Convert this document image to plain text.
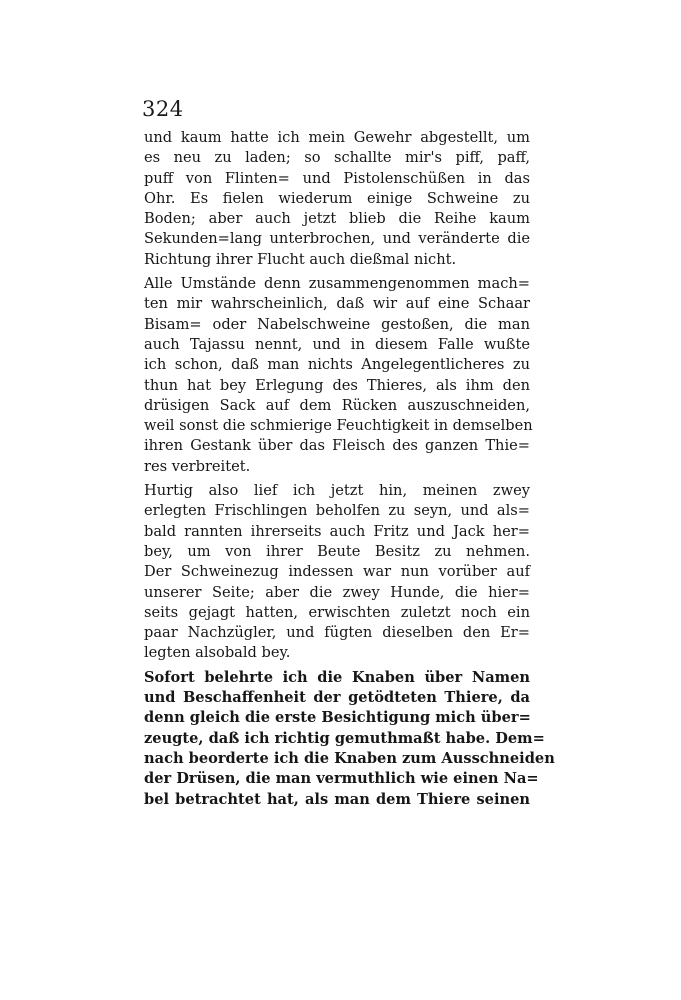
324
und kaum hatte ich mein Gewehr abgestellt, um
es neu zu laden; so schallte mir's piff, paff,
puff von Flinten= und Pistolenschüßen in das
Ohr. Es fielen wiederum einige Schweine zu
Boden; aber auch jetzt blieb die Reihe kaum
Sekunden=lang unterbrochen, und veränderte die
Richtung ihrer Flucht auch dießmal nicht.
Alle Umstände denn zusammengenommen mach=
ten mir wahrscheinlich, daß wir auf eine Schaar
Bisam= oder Nabelschweine gestoßen, die man
auch Tajassu nennt, und in diesem Falle wußte
ich schon, daß man nichts Angelegentlicheres zu
thun hat bey Erlegung des Thieres, als ihm den
drüsigen Sack auf dem Rücken auszuschneiden,
weil sonst die schmierige Feuchtigkeit in demselben
ihren Gestank über das Fleisch des ganzen Thie=
res verbreitet.
Hurtig also lief ich jetzt hin, meinen zwey
erlegten Frischlingen beholfen zu seyn, und als=
bald rannten ihrerseits auch Fritz und Jack her=
bey, um von ihrer Beute Besitz zu nehmen.
Der Schweinezug indessen war nun vorüber auf
unserer Seite; aber die zwey Hunde, die hier=
seits gejagt hatten, erwischten zuletzt noch ein
paar Nachzügler, und fügten dieselben den Er=
legten alsobald bey.
Sofort belehrte ich die Knaben über Namen
und Beschaffenheit der getödteten Thiere, da
denn gleich die erste Besichtigung mich über=
zeugte, daß ich richtig gemuthmaßt habe. Dem=
nach beorderte ich die Knaben zum Ausschneiden
der Drüsen, die man vermuthlich wie einen Na=
bel betrachtet hat, als man dem Thiere seinen
